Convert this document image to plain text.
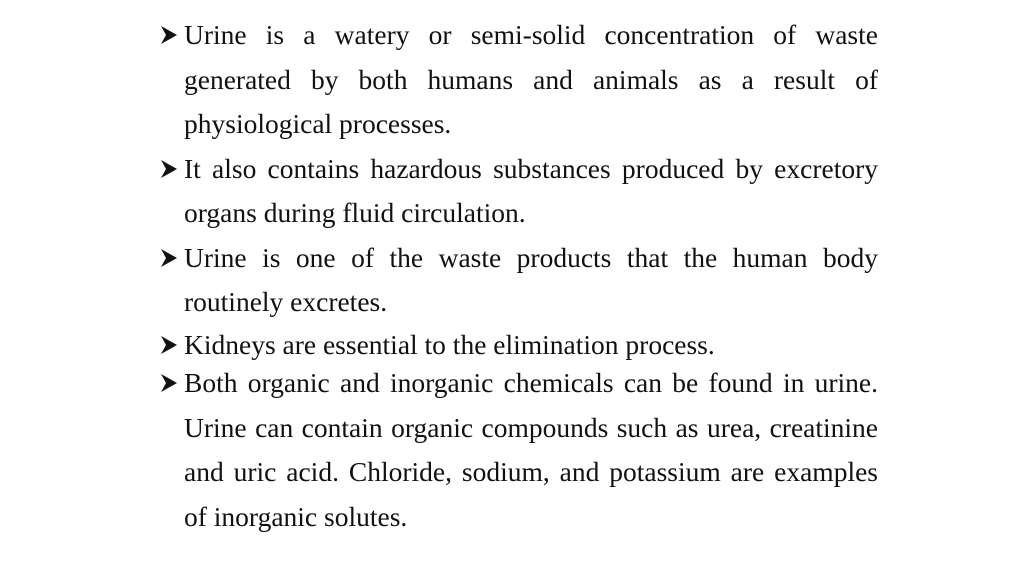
Urine is a watery or semi-solid concentration of waste generated by both humans and animals as a result of physiological processes.
It also contains hazardous substances produced by excretory organs during fluid circulation.
Urine is one of the waste products that the human body routinely excretes.
Kidneys are essential to the elimination process.
Both organic and inorganic chemicals can be found in urine. Urine can contain organic compounds such as urea, creatinine and uric acid. Chloride, sodium, and potassium are examples of inorganic solutes.
